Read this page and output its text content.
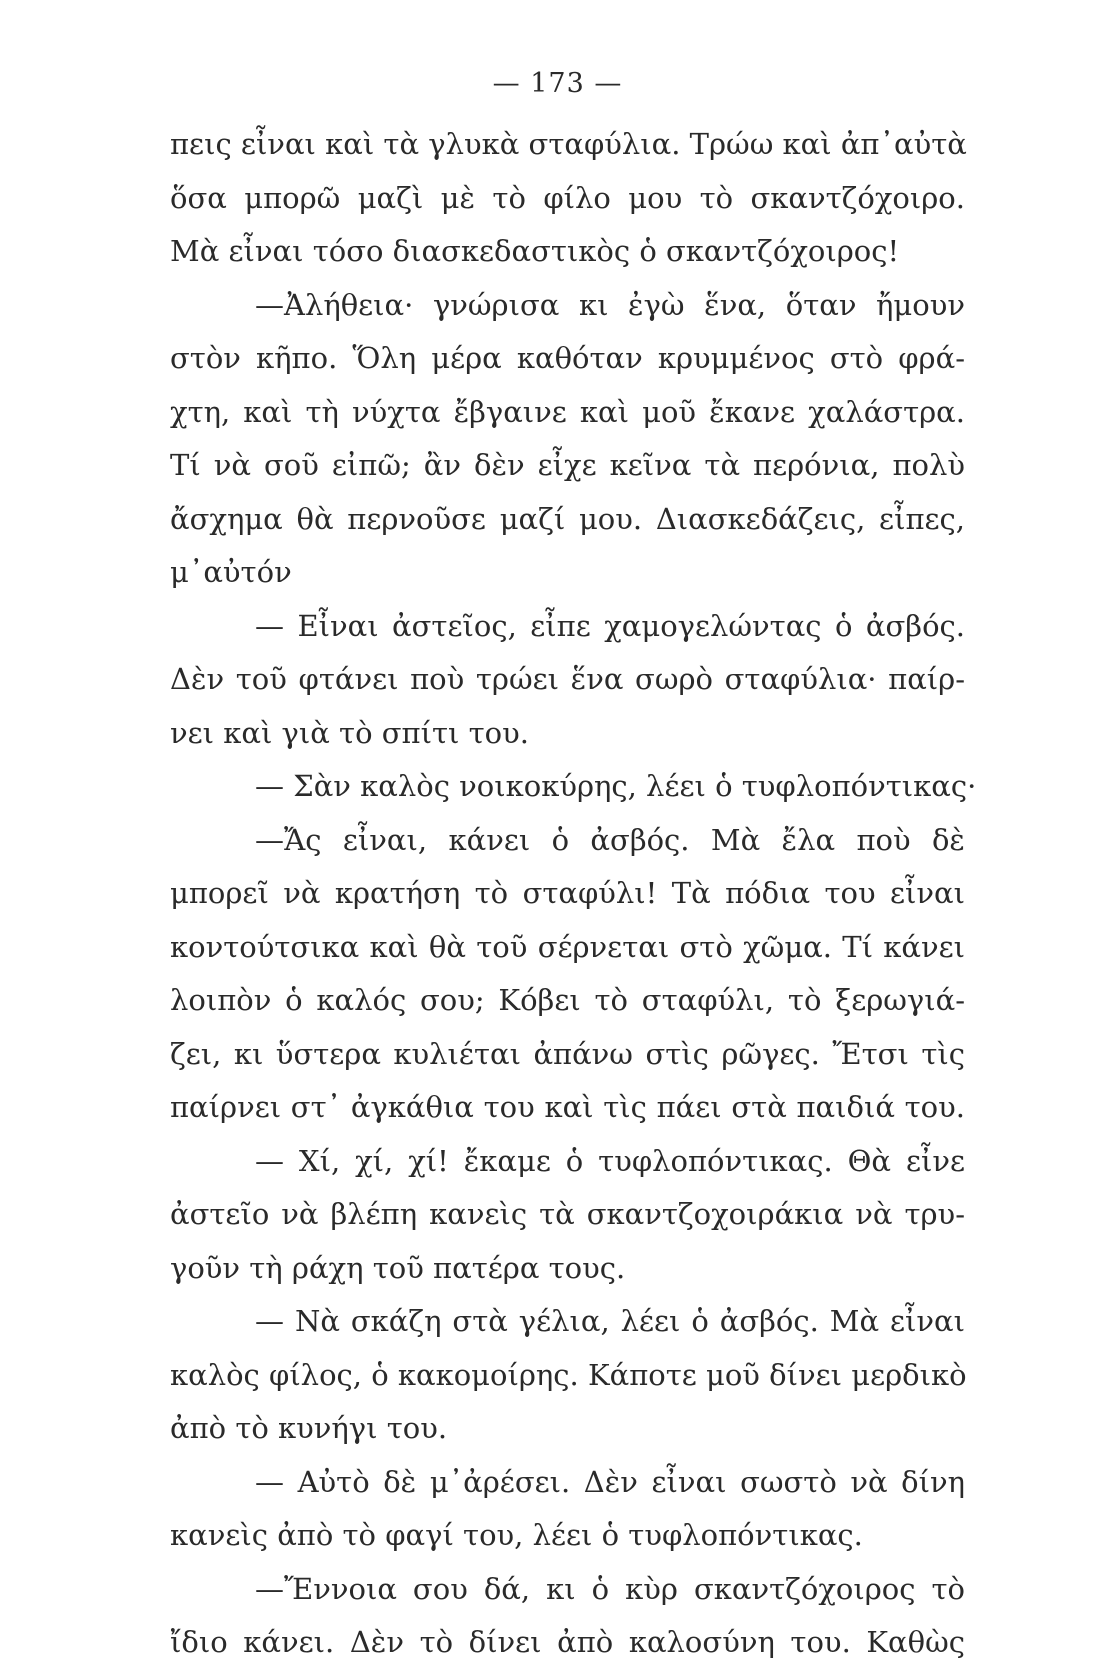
— 173 —
πεις εἶναι καὶ τὰ γλυκὰ σταφύλια. Τρώω καὶ ἀπ᾽αὐτὰ
ὅσα μπορῶ μαζὶ μὲ τὸ φίλο μου τὸ σκαντζόχοιρο.
Μὰ εἶναι τόσο διασκεδαστικὸς ὁ σκαντζόχοιρος!
—Ἀλήθεια· γνώρισα κι ἐγὼ ἕνα, ὅταν ἤμουν
στὸν κῆπο. Ὅλη μέρα καθόταν κρυμμένος στὸ φρά-
χτη, καὶ τὴ νύχτα ἔβγαινε καὶ μοῦ ἔκανε χαλάστρα.
Τί νὰ σοῦ εἰπῶ; ἂν δὲν εἶχε κεῖνα τὰ περόνια, πολὺ
ἄσχημα θὰ περνοῦσε μαζί μου. Διασκεδάζεις, εἶπες,
μ᾽αὐτόν
— Εἶναι ἀστεῖος, εἶπε χαμογελώντας ὁ ἀσβός.
Δὲν τοῦ φτάνει ποὺ τρώει ἕνα σωρὸ σταφύλια· παίρ-
νει καὶ γιὰ τὸ σπίτι του.
— Σὰν καλὸς νοικοκύρης, λέει ὁ τυφλοπόντικας·
—Ἄς εἶναι, κάνει ὁ ἀσβός. Μὰ ἔλα ποὺ δὲ
μπορεῖ νὰ κρατήση τὸ σταφύλι! Τὰ πόδια του εἶναι
κοντούτσικα καὶ θὰ τοῦ σέρνεται στὸ χῶμα. Τί κάνει
λοιπὸν ὁ καλός σου; Κόβει τὸ σταφύλι, τὸ ξερωγιά-
ζει, κι ὕστερα κυλιέται ἀπάνω στὶς ρῶγες. Ἔτσι τὶς
παίρνει στ᾽ ἀγκάθια του καὶ τὶς πάει στὰ παιδιά του.
— Χί, χί, χί! ἔκαμε ὁ τυφλοπόντικας. Θὰ εἶνε
ἀστεῖο νὰ βλέπη κανεὶς τὰ σκαντζοχοιράκια νὰ τρυ-
γοῦν τὴ ράχη τοῦ πατέρα τους.
— Νὰ σκάζη στὰ γέλια, λέει ὁ ἀσβός. Μὰ εἶναι
καλὸς φίλος, ὁ κακομοίρης. Κάποτε μοῦ δίνει μερδικὸ
ἀπὸ τὸ κυνήγι του.
— Αὐτὸ δὲ μ᾽ἀρέσει. Δὲν εἶναι σωστὸ νὰ δίνη
κανεὶς ἀπὸ τὸ φαγί του, λέει ὁ τυφλοπόντικας.
—Ἔννοια σου δά, κι ὁ κὺρ σκαντζόχοιρος τὸ
ἴδιο κάνει. Δὲν τὸ δίνει ἀπὸ καλοσύνη του. Καθὼς
